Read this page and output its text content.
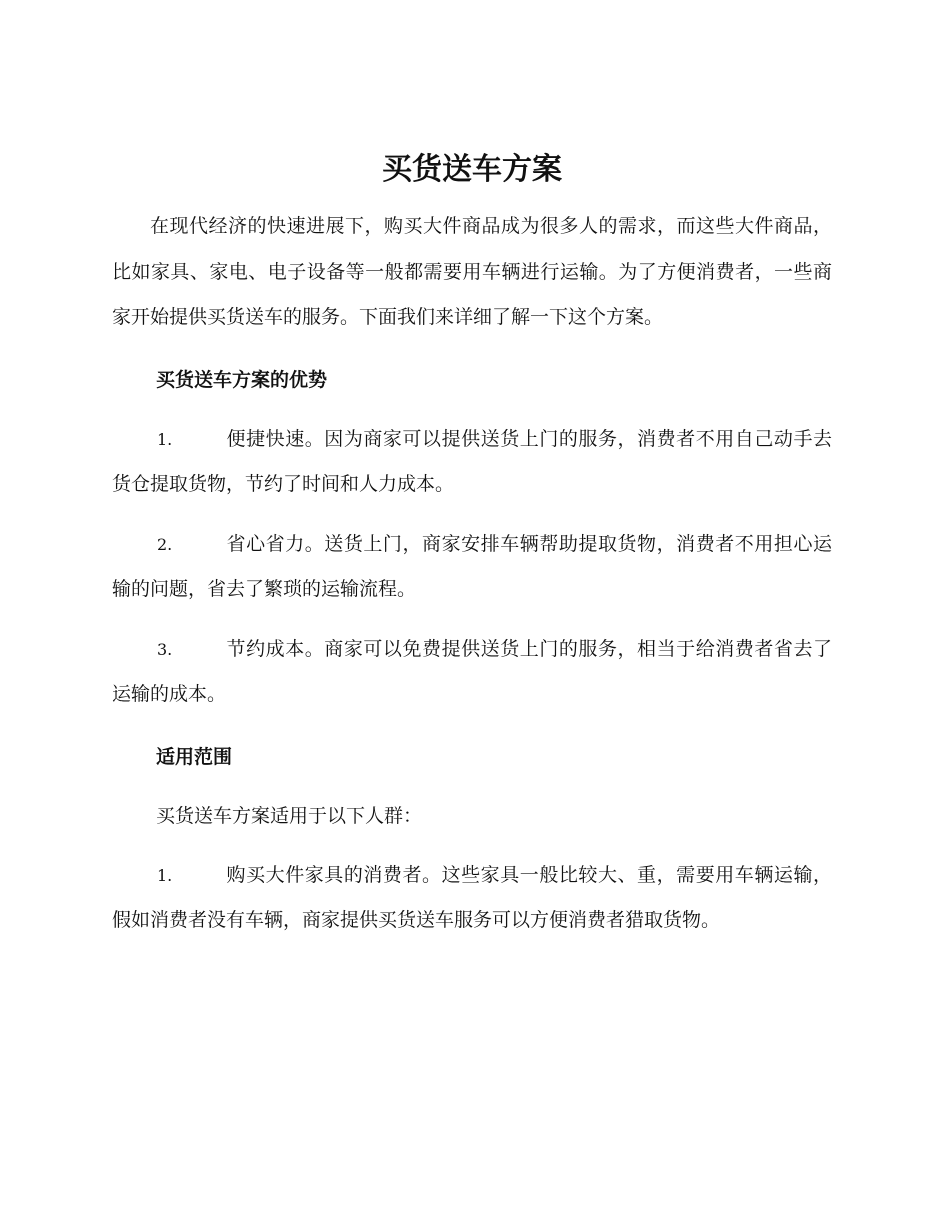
买货送车方案

在现代经济的快速进展下，购买大件商品成为很多人的需求，而这些大件商品，比如家具、家电、电子设备等一般都需要用车辆进行运输。为了方便消费者，一些商家开始提供买货送车的服务。下面我们来详细了解一下这个方案。

买货送车方案的优势

1.	便捷快速。因为商家可以提供送货上门的服务，消费者不用自己动手去货仓提取货物，节约了时间和人力成本。

2.	省心省力。送货上门，商家安排车辆帮助提取货物，消费者不用担心运输的问题，省去了繁琐的运输流程。

3.	节约成本。商家可以免费提供送货上门的服务，相当于给消费者省去了运输的成本。

适用范围

买货送车方案适用于以下人群：

1.	购买大件家具的消费者。这些家具一般比较大、重，需要用车辆运输，假如消费者没有车辆，商家提供买货送车服务可以方便消费者猎取货物。
